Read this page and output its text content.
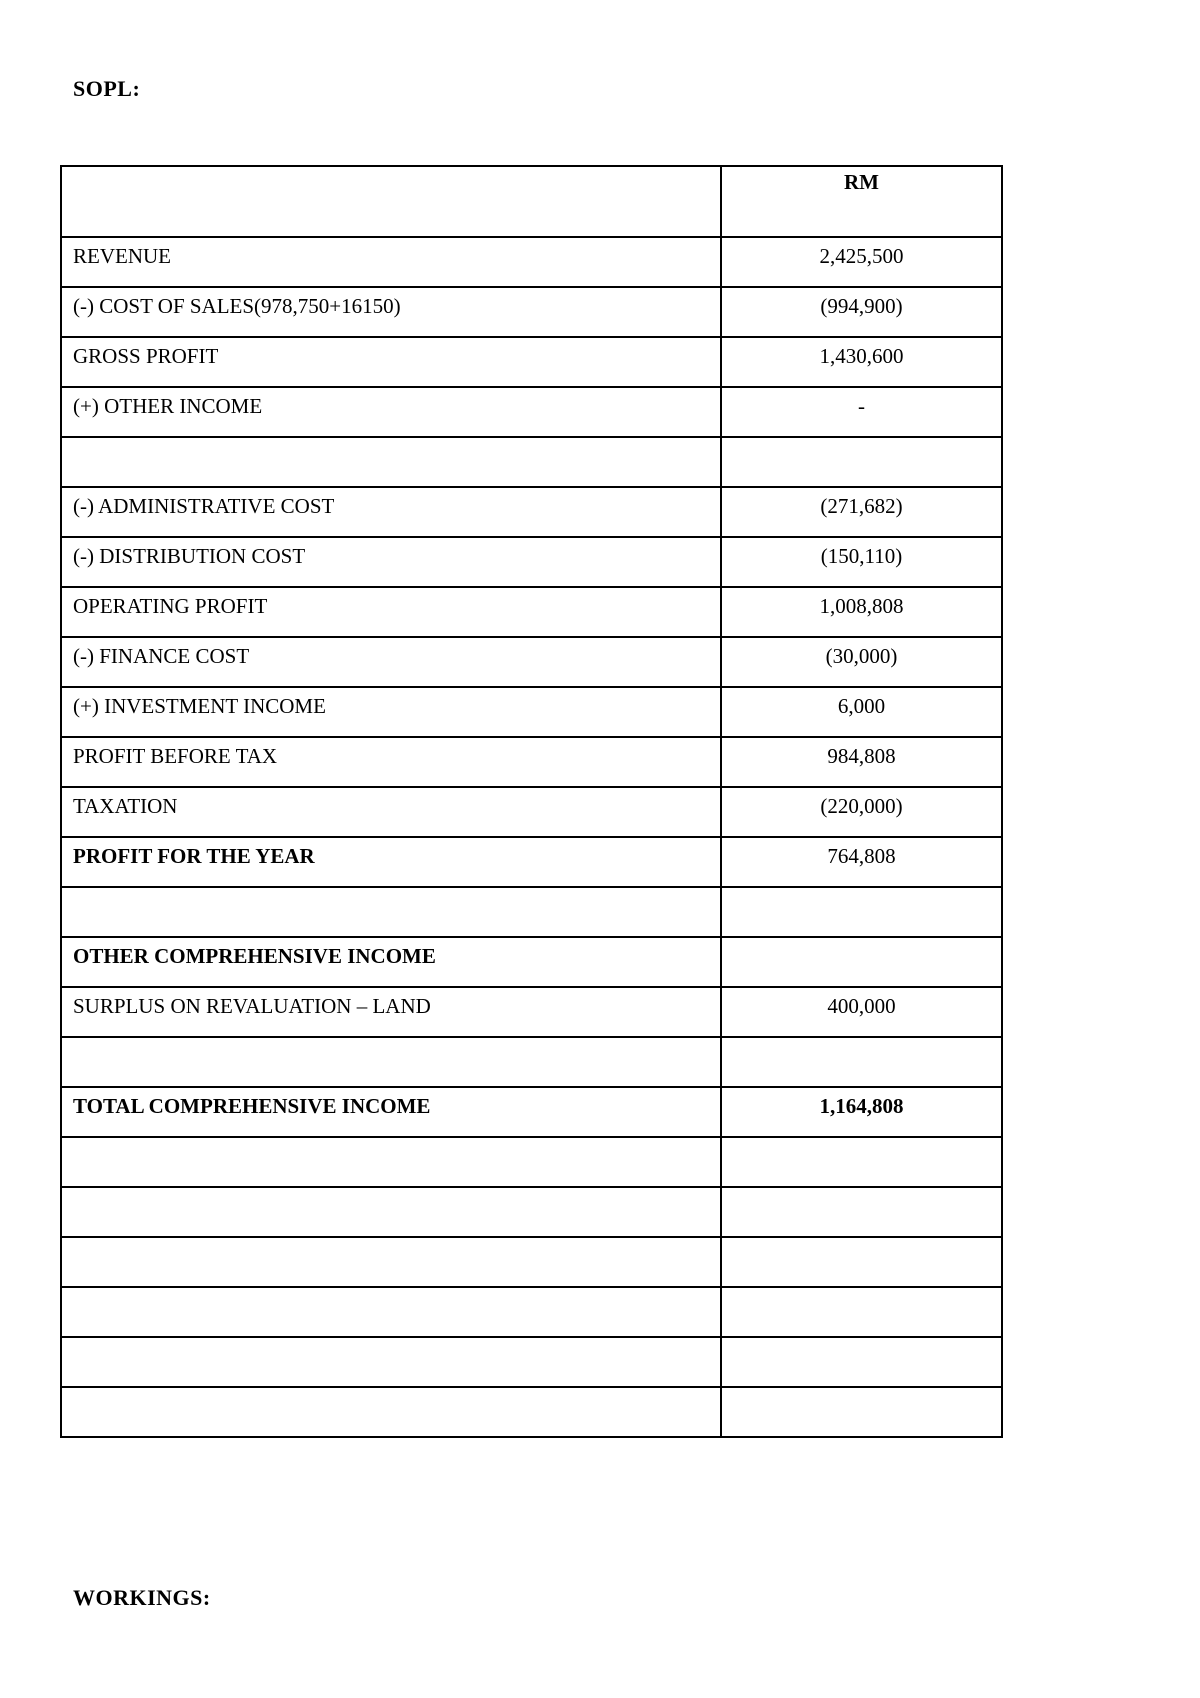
SOPL:
	RM
REVENUE	2,425,500
(-) COST OF SALES(978,750+16150)	(994,900)
GROSS PROFIT	1,430,600
(+) OTHER INCOME	-

(-) ADMINISTRATIVE COST	(271,682)
(-) DISTRIBUTION COST	(150,110)
OPERATING PROFIT	1,008,808
(-) FINANCE COST	(30,000)
(+) INVESTMENT INCOME	6,000
PROFIT BEFORE TAX	984,808
TAXATION	(220,000)
PROFIT FOR THE YEAR	764,808

OTHER COMPREHENSIVE INCOME	
SURPLUS ON REVALUATION – LAND	400,000

TOTAL COMPREHENSIVE INCOME	1,164,808

WORKINGS:
